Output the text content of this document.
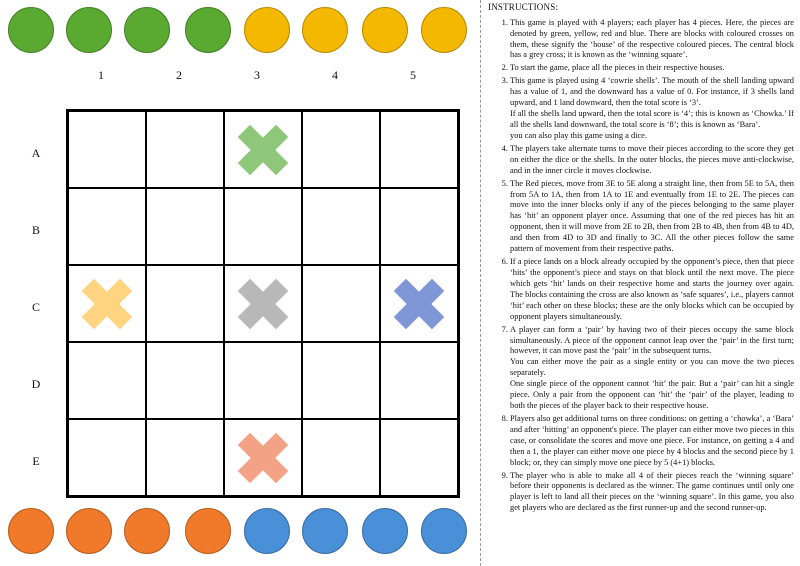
1	2	3	4	5
A
B
C
D
E
INSTRUCTIONS:

1. This game is played with 4 players; each player has 4 pieces. Here, the pieces are denoted by green, yellow, red and blue. There are blocks with coloured crosses on them, these signify the ‘house’ of the respective coloured pieces. The central block has a grey cross; it is known as the ‘winning square’.

2. To start the game, place all the pieces in their respective houses.

3. This game is played using 4 ‘cowrie shells’. The mouth of the shell landing upward has a value of 1, and the downward has a value of 0. For instance, if 3 shells land upward, and 1 land downward, then the total score is ‘3’.

If all the shells land upward, then the total score is ‘4’; this is known as ‘Chowka.’ If all the shells land downward, the total score is ‘8’; this is known as ‘Bara’.

you can also play this game using a dice.

4. The players take alternate turns to move their pieces according to the score they get on either the dice or the shells. In the outer blocks, the pieces move anti-clockwise, and in the inner circle it moves clockwise.

5. The Red pieces, move from 3E to 5E along a straight line, then from 5E to 5A, then from 5A to 1A, then from 1A to 1E and eventually from 1E to 2E. The pieces can move into the inner blocks only if any of the pieces belonging to the same player has ‘hit’ an opponent player once. Assuming that one of the red pieces has hit an opponent, then it will move from 2E to 2B, then from 2B to 4B, then from 4B to 4D, and then from 4D to 3D and finally to 3C. All the other pieces follow the same pattern of movement from their respective paths.

6. If a piece lands on a block already occupied by the opponent’s piece, then that piece ‘hits’ the opponent’s piece and stays on that block until the next move. The piece which gets ‘hit’ lands on their respective home and starts the journey over again. The blocks containing the cross are also known as ‘safe squares’, i.e., players cannot ‘hit’ each other on these blocks; these are the only blocks which can be occupied by opponent players simultaneously.

7. A player can form a ‘pair’ by having two of their pieces occupy the same block simultaneously. A piece of the opponent cannot leap over the ‘pair’ in the first turn; however, it can move past the ‘pair’ in the subsequent turns.

You can either move the pair as a single entity or you can move the two pieces separately.

One single piece of the opponent cannot ‘hit’ the pair. But a ‘pair’ can hit a single piece. Only a pair from the opponent can ‘hit’ the ‘pair’ of the player, leading to both the pieces of the player back to their respective house.

8. Players also get additional turns on three conditions: on getting a ‘chowka’, a ‘Bara’ and after ‘hitting’ an opponent's piece. The player can either move two pieces in this case, or consolidate the scores and move one piece. For instance, on getting a 4 and then a 1, the player can either move one piece by 4 blocks and the second piece by 1 block; or, they can simply move one piece by 5 (4+1) blocks.

9. The player who is able to make all 4 of their pieces reach the ‘winning square’ before their opponents is declared as the winner. The game continues until only one player is left to land all their pieces on the ‘winning square’. In this game, you also get players who are declared as the first runner-up and the second runner-up.
